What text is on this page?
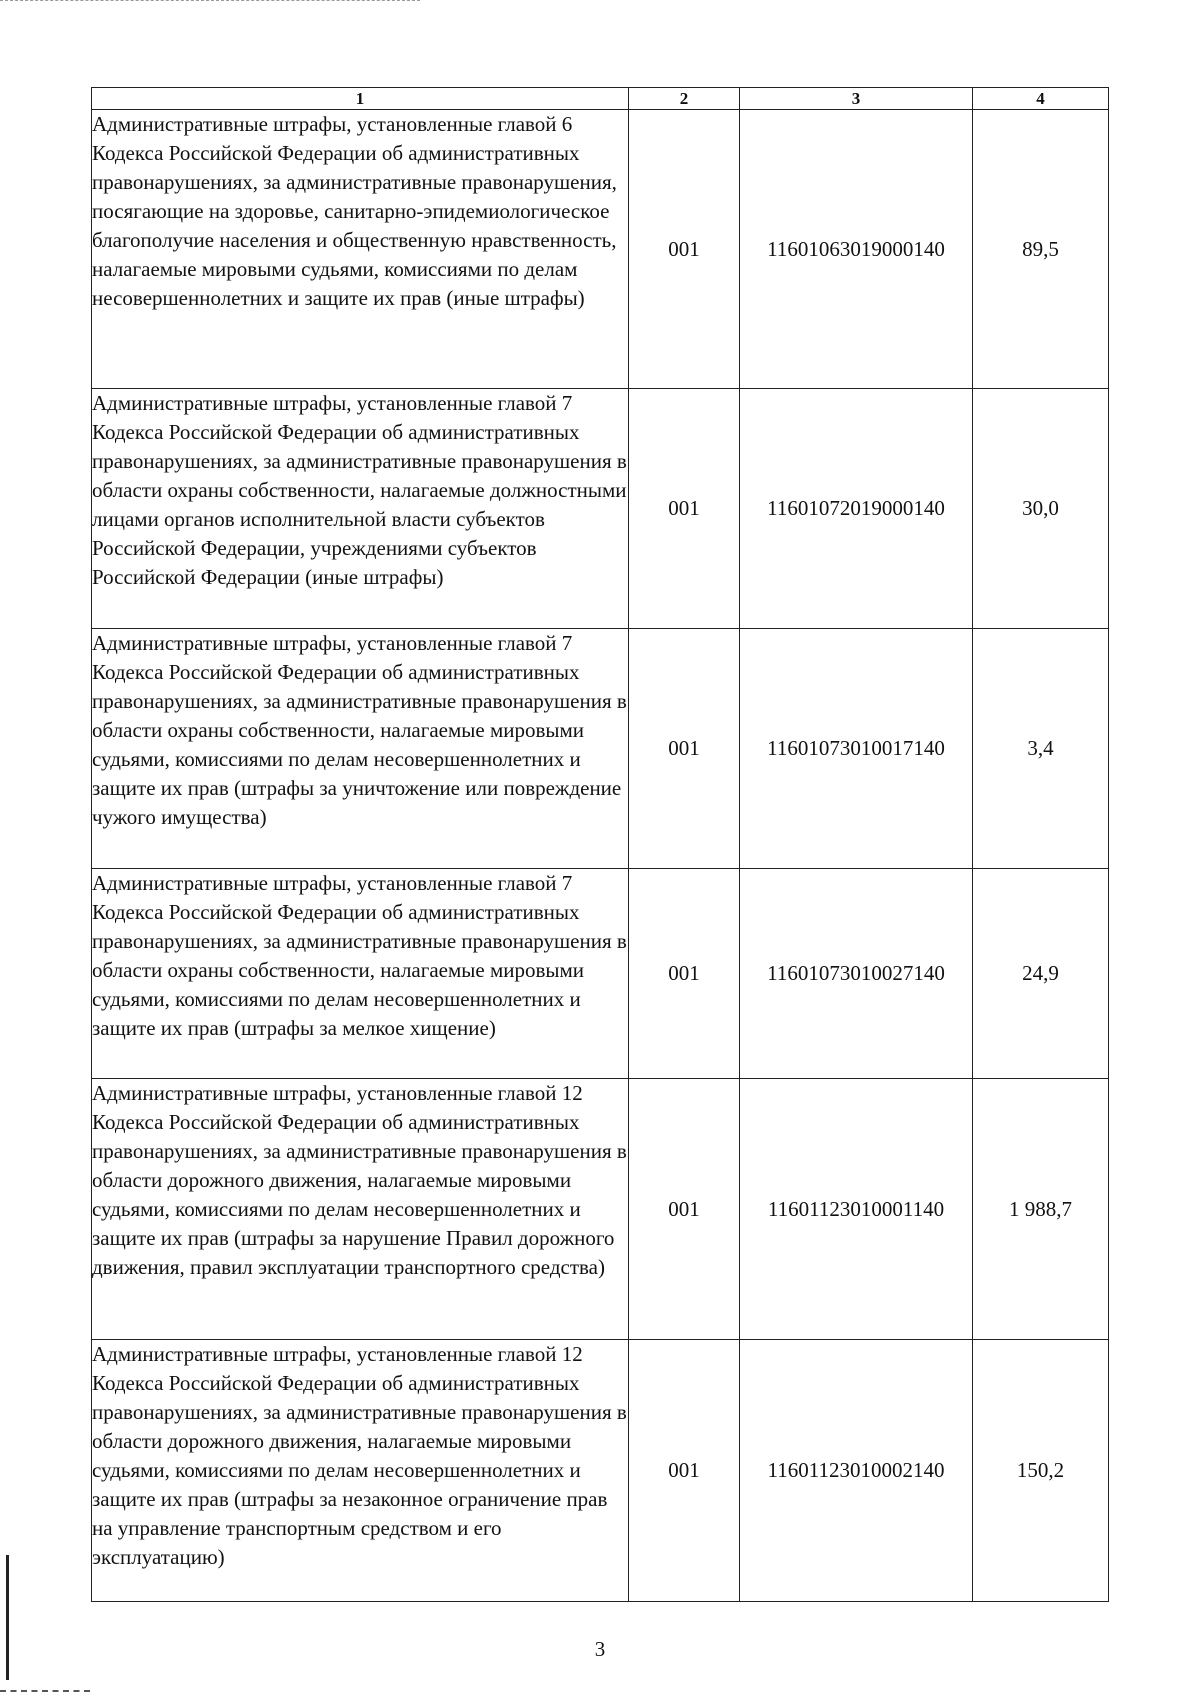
1	2	3	4
Административные штрафы, установленные главой 6 Кодекса Российской Федерации об административных правонарушениях, за административные правонарушения, посягающие на здоровье, санитарно-эпидемиологическое благополучие населения и общественную нравственность, налагаемые мировыми судьями, комиссиями по делам несовершеннолетних и защите их прав (иные штрафы)	001	11601063019000140	89,5
Административные штрафы, установленные главой 7 Кодекса Российской Федерации об административных правонарушениях, за административные правонарушения в области охраны собственности, налагаемые должностными лицами органов исполнительной власти субъектов Российской Федерации, учреждениями субъектов Российской Федерации (иные штрафы)	001	11601072019000140	30,0
Административные штрафы, установленные главой 7 Кодекса Российской Федерации об административных правонарушениях, за административные правонарушения в области охраны собственности, налагаемые мировыми судьями, комиссиями по делам несовершеннолетних и защите их прав (штрафы за уничтожение или повреждение чужого имущества)	001	11601073010017140	3,4
Административные штрафы, установленные главой 7 Кодекса Российской Федерации об административных правонарушениях, за административные правонарушения в области охраны собственности, налагаемые мировыми судьями, комиссиями по делам несовершеннолетних и защите их прав (штрафы за мелкое хищение)	001	11601073010027140	24,9
Административные штрафы, установленные главой 12 Кодекса Российской Федерации об административных правонарушениях, за административные правонарушения в области дорожного движения, налагаемые мировыми судьями, комиссиями по делам несовершеннолетних и защите их прав (штрафы за нарушение Правил дорожного движения, правил эксплуатации транспортного средства)	001	11601123010001140	1 988,7
Административные штрафы, установленные главой 12 Кодекса Российской Федерации об административных правонарушениях, за административные правонарушения в области дорожного движения, налагаемые мировыми судьями, комиссиями по делам несовершеннолетних и защите их прав (штрафы за незаконное ограничение прав на управление транспортным средством и его эксплуатацию)	001	11601123010002140	150,2
3
